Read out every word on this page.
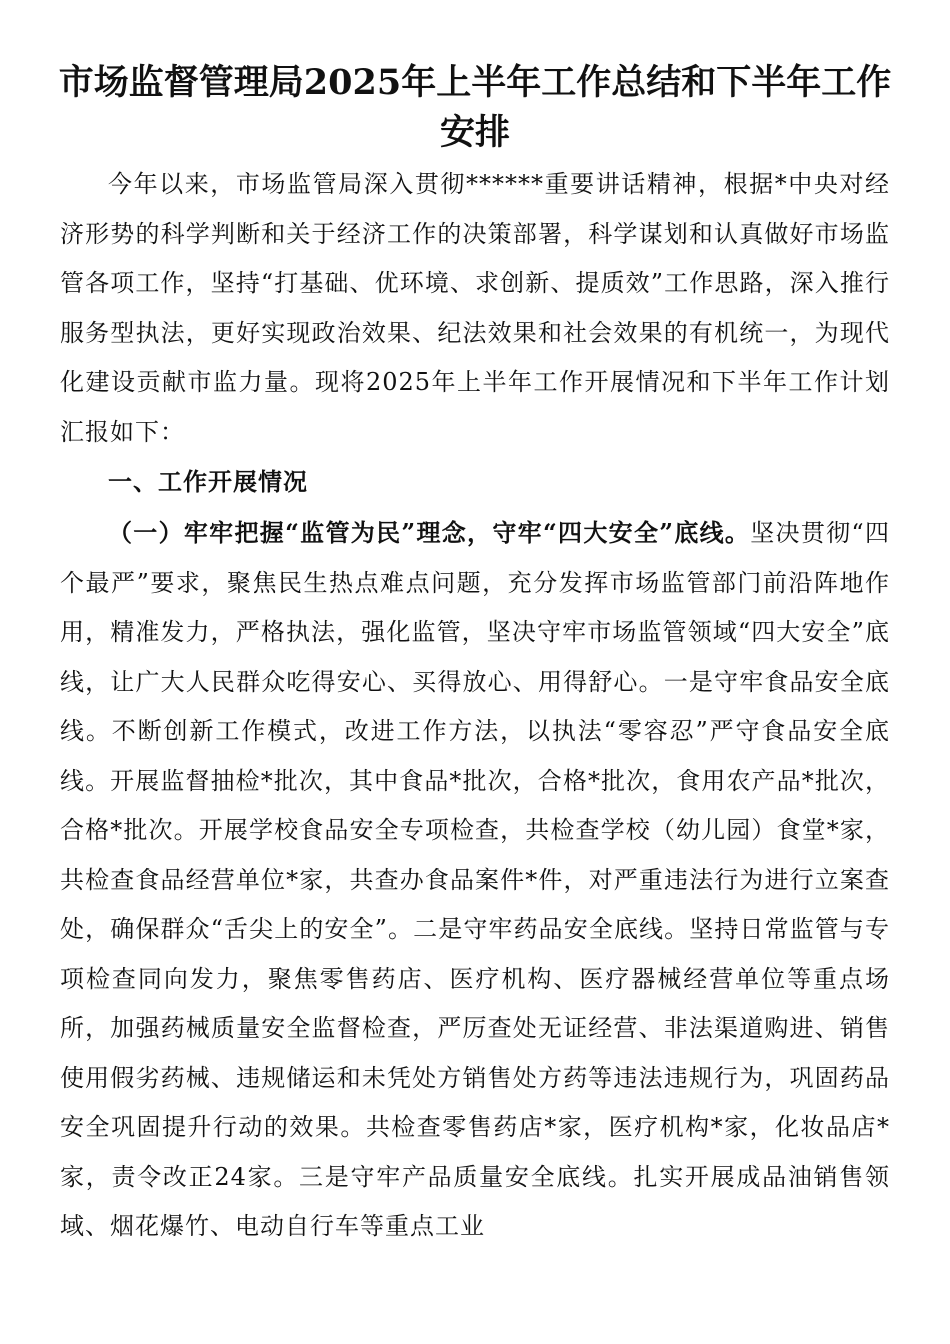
市场监督管理局2025年上半年工作总结和下半年工作安排

今年以来，市场监管局深入贯彻******重要讲话精神，根据*中央对经济形势的科学判断和关于经济工作的决策部署，科学谋划和认真做好市场监管各项工作，坚持“打基础、优环境、求创新、提质效”工作思路，深入推行服务型执法，更好实现政治效果、纪法效果和社会效果的有机统一，为现代化建设贡献市监力量。现将2025年上半年工作开展情况和下半年工作计划汇报如下：

一、工作开展情况

（一）牢牢把握“监管为民”理念，守牢“四大安全”底线。坚决贯彻“四个最严”要求，聚焦民生热点难点问题，充分发挥市场监管部门前沿阵地作用，精准发力，严格执法，强化监管，坚决守牢市场监管领域“四大安全”底线，让广大人民群众吃得安心、买得放心、用得舒心。一是守牢食品安全底线。不断创新工作模式，改进工作方法，以执法“零容忍”严守食品安全底线。开展监督抽检*批次，其中食品*批次，合格*批次，食用农产品*批次，合格*批次。开展学校食品安全专项检查，共检查学校（幼儿园）食堂*家，共检查食品经营单位*家，共查办食品案件*件，对严重违法行为进行立案查处，确保群众“舌尖上的安全”。二是守牢药品安全底线。坚持日常监管与专项检查同向发力，聚焦零售药店、医疗机构、医疗器械经营单位等重点场所，加强药械质量安全监督检查，严厉查处无证经营、非法渠道购进、销售使用假劣药械、违规储运和未凭处方销售处方药等违法违规行为，巩固药品安全巩固提升行动的效果。共检查零售药店*家，医疗机构*家，化妆品店*家，责令改正24家。三是守牢产品质量安全底线。扎实开展成品油销售领域、烟花爆竹、电动自行车等重点工业
